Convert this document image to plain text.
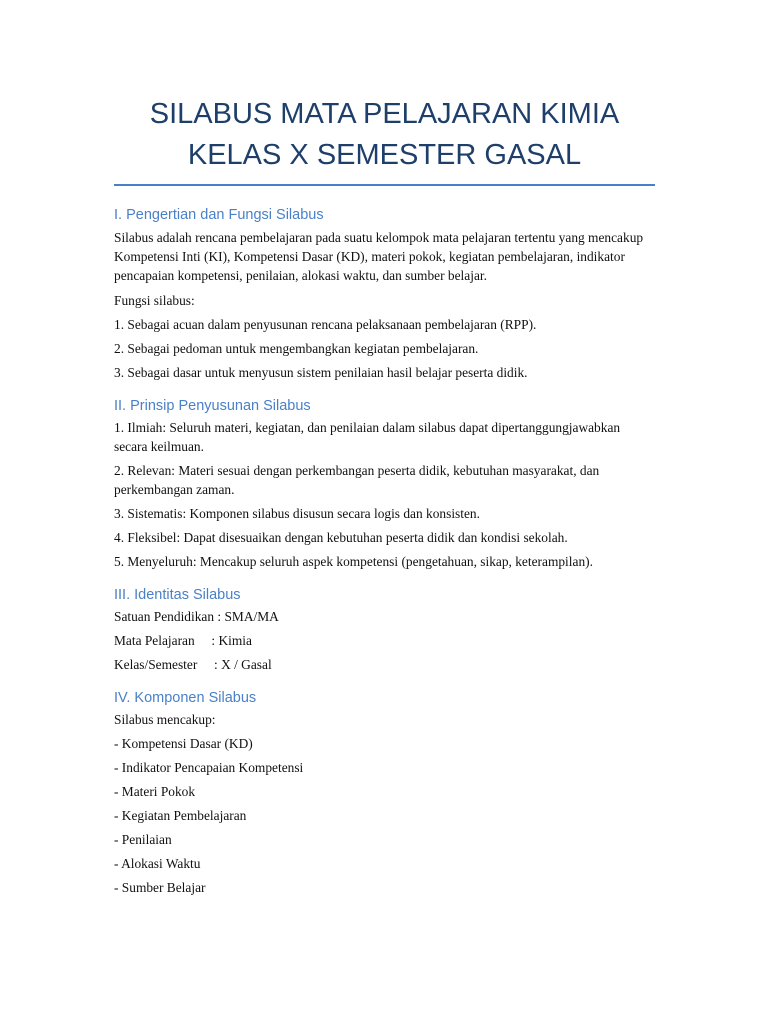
SILABUS MATA PELAJARAN KIMIA KELAS X SEMESTER GASAL
I. Pengertian dan Fungsi Silabus

Silabus adalah rencana pembelajaran pada suatu kelompok mata pelajaran tertentu yang mencakup Kompetensi Inti (KI), Kompetensi Dasar (KD), materi pokok, kegiatan pembelajaran, indikator pencapaian kompetensi, penilaian, alokasi waktu, dan sumber belajar.

Fungsi silabus:

1. Sebagai acuan dalam penyusunan rencana pelaksanaan pembelajaran (RPP).
2. Sebagai pedoman untuk mengembangkan kegiatan pembelajaran.
3. Sebagai dasar untuk menyusun sistem penilaian hasil belajar peserta didik.
II. Prinsip Penyusunan Silabus
1. Ilmiah: Seluruh materi, kegiatan, dan penilaian dalam silabus dapat dipertanggungjawabkan secara keilmuan.
2. Relevan: Materi sesuai dengan perkembangan peserta didik, kebutuhan masyarakat, dan perkembangan zaman.
3. Sistematis: Komponen silabus disusun secara logis dan konsisten.
4. Fleksibel: Dapat disesuaikan dengan kebutuhan peserta didik dan kondisi sekolah.
5. Menyeluruh: Mencakup seluruh aspek kompetensi (pengetahuan, sikap, keterampilan).
III. Identitas Silabus
Satuan Pendidikan : SMA/MA
Mata Pelajaran     : Kimia
Kelas/Semester     : X / Gasal
IV. Komponen Silabus

Silabus mencakup:

- Kompetensi Dasar (KD)
- Indikator Pencapaian Kompetensi
- Materi Pokok
- Kegiatan Pembelajaran
- Penilaian
- Alokasi Waktu
- Sumber Belajar
